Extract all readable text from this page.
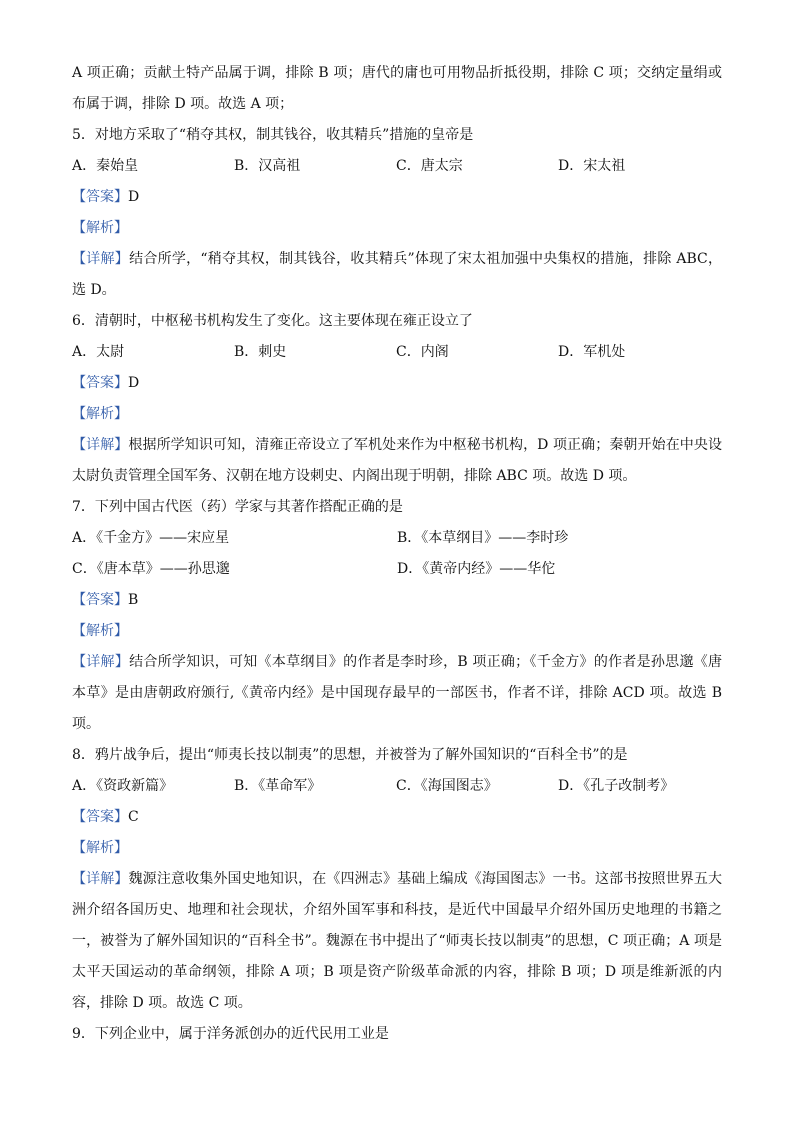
A 项正确；贡献土特产品属于调，排除 B 项；唐代的庸也可用物品折抵役期，排除 C 项；交纳定量绢或布属于调，排除 D 项。故选 A 项；
5．对地方采取了“稍夺其权，制其钱谷，收其精兵”措施的皇帝是
A．秦始皇	B．汉高祖	C．唐太宗	D．宋太祖
【答案】D
【解析】
【详解】结合所学，“稍夺其权，制其钱谷，收其精兵”体现了宋太祖加强中央集权的措施，排除 ABC，选 D。
6．清朝时，中枢秘书机构发生了变化。这主要体现在雍正设立了
A．太尉	B．刺史	C．内阁	D．军机处
【答案】D
【解析】
【详解】根据所学知识可知，清雍正帝设立了军机处来作为中枢秘书机构，D 项正确；秦朝开始在中央设太尉负责管理全国军务、汉朝在地方设刺史、内阁出现于明朝，排除 ABC 项。故选 D 项。
7．下列中国古代医（药）学家与其著作搭配正确的是
A．《千金方》——宋应星	B．《本草纲目》——李时珍
C．《唐本草》——孙思邈	D．《黄帝内经》——华佗
【答案】B
【解析】
【详解】结合所学知识，可知《本草纲目》的作者是李时珍，B 项正确；《千金方》的作者是孙思邈《唐本草》是由唐朝政府颁行,《黄帝内经》是中国现存最早的一部医书，作者不详，排除 ACD 项。故选 B 项。
8．鸦片战争后，提出“师夷长技以制夷”的思想，并被誉为了解外国知识的“百科全书”的是
A．《资政新篇》	B．《革命军》	C．《海国图志》	D．《孔子改制考》
【答案】C
【解析】
【详解】魏源注意收集外国史地知识，在《四洲志》基础上编成《海国图志》一书。这部书按照世界五大洲介绍各国历史、地理和社会现状，介绍外国军事和科技，是近代中国最早介绍外国历史地理的书籍之一，被誉为了解外国知识的“百科全书”。魏源在书中提出了“师夷长技以制夷”的思想，C 项正确；A 项是太平天国运动的革命纲领，排除 A 项；B 项是资产阶级革命派的内容，排除 B 项；D 项是维新派的内容，排除 D 项。故选 C 项。
9．下列企业中，属于洋务派创办的近代民用工业是
